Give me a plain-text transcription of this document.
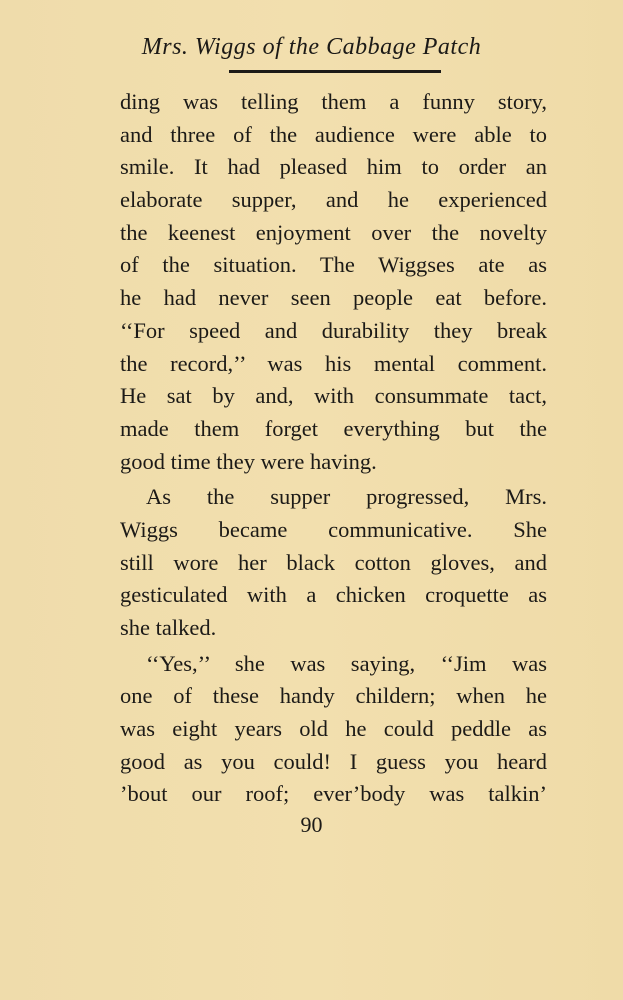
Mrs. Wiggs of the Cabbage Patch
ding was telling them a funny story,
and three of the audience were able to
smile. It had pleased him to order an
elaborate supper, and he experienced
the keenest enjoyment over the novelty
of the situation. The Wiggses ate as
he had never seen people eat before.
‘‘For speed and durability they break
the record,’’ was his mental comment.
He sat by and, with consummate tact,
made them forget everything but the
good time they were having.
As the supper progressed, Mrs.
Wiggs became communicative. She
still wore her black cotton gloves, and
gesticulated with a chicken croquette as
she talked.
‘‘Yes,’’ she was saying, ‘‘Jim was
one of these handy childern; when he
was eight years old he could peddle as
good as you could! I guess you heard
’bout our roof; ever’body was talkin’
90
